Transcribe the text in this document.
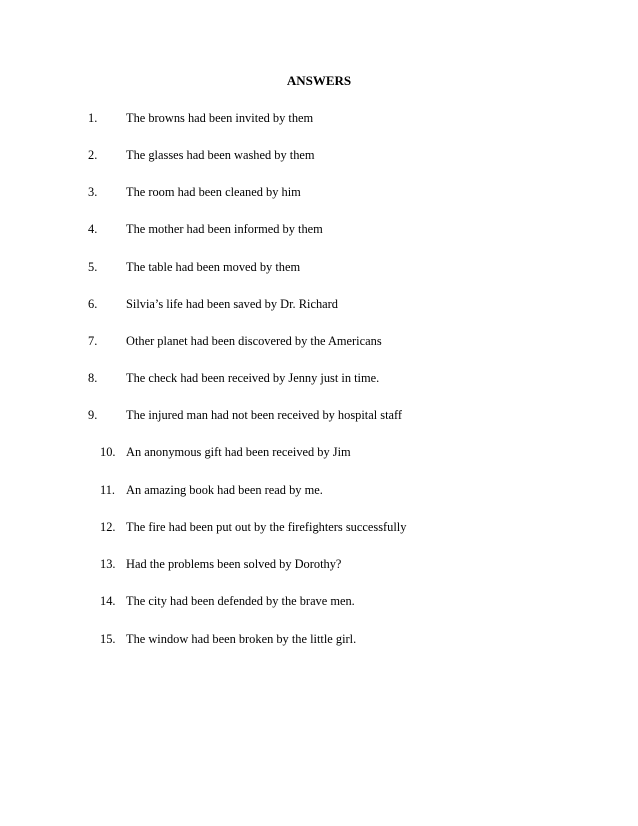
ANSWERS
1. The browns had been invited by them
2. The glasses had been washed by them
3. The room had been cleaned by him
4. The mother had been informed by them
5. The table had been moved by them
6. Silvia’s life had been saved by Dr. Richard
7. Other planet had been discovered by the Americans
8. The check had been received by Jenny just in time.
9. The injured man had not been received by hospital staff
10. An anonymous gift had been received by Jim
11. An amazing book had been read by me.
12. The fire had been put out by the firefighters successfully
13. Had the problems been solved by Dorothy?
14. The city had been defended by the brave men.
15. The window had been broken by the little girl.
